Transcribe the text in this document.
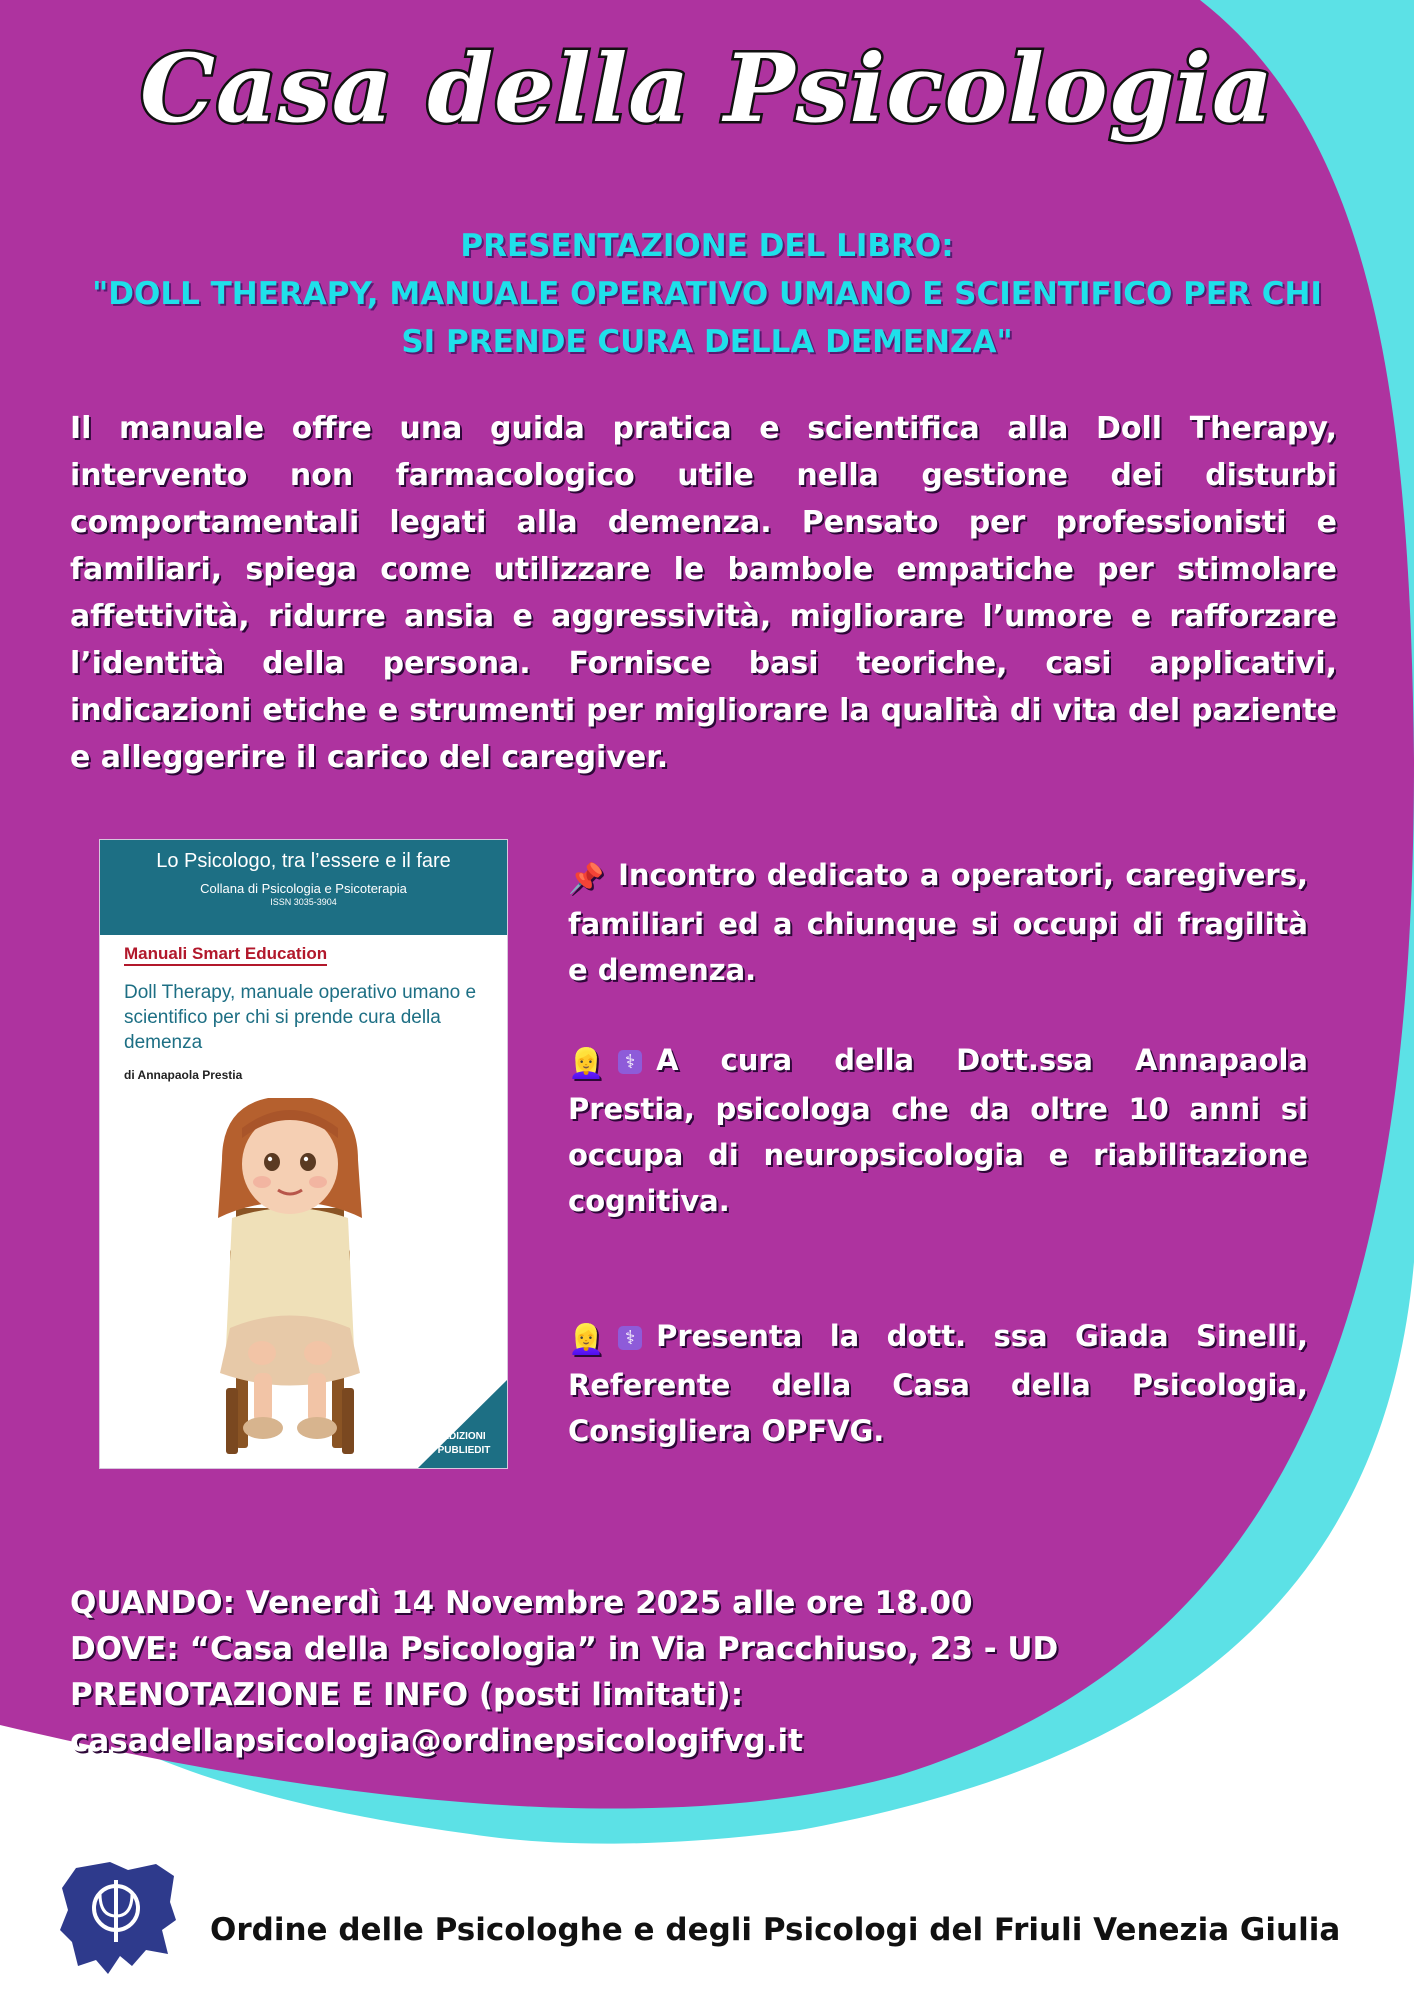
Casa della Psicologia
PRESENTAZIONE DEL LIBRO:
"DOLL THERAPY, MANUALE OPERATIVO UMANO E SCIENTIFICO PER CHI
SI PRENDE CURA DELLA DEMENZA"

Il manuale offre una guida pratica e scientifica alla Doll Therapy, intervento non farmacologico utile nella gestione dei disturbi comportamentali legati alla demenza. Pensato per professionisti e familiari, spiega come utilizzare le bambole empatiche per stimolare affettività, ridurre ansia e aggressività, migliorare l’umore e rafforzare l’identità della persona. Fornisce basi teoriche, casi applicativi, indicazioni etiche e strumenti per migliorare la qualità di vita del paziente e alleggerire il carico del caregiver.

Lo Psicologo, tra l’essere e il fare
Collana di Psicologia e Psicoterapia
ISSN 3035-3904
Manuali Smart Education
Doll Therapy, manuale operativo umano e scientifico per chi si prende cura della demenza
di Annapaola Prestia
EDIZIONI
PUBLIEDIT

📌 Incontro dedicato a operatori, caregivers, familiari ed a chiunque si occupi di fragilità e demenza.

👱‍♀️ ⚕ A cura della Dott.ssa Annapaola Prestia, psicologa che da oltre 10 anni si occupa di neuropsicologia e riabilitazione cognitiva.

👱‍♀️ ⚕ Presenta la dott. ssa Giada Sinelli, Referente della Casa della Psicologia, Consigliera OPFVG.

QUANDO: Venerdì 14 Novembre 2025 alle ore 18.00
DOVE: “Casa della Psicologia” in Via Pracchiuso, 23 - UD
PRENOTAZIONE E INFO (posti limitati):
casadellapsicologia@ordinepsicologifvg.it

Ordine delle Psicologhe e degli Psicologi del Friuli Venezia Giulia
